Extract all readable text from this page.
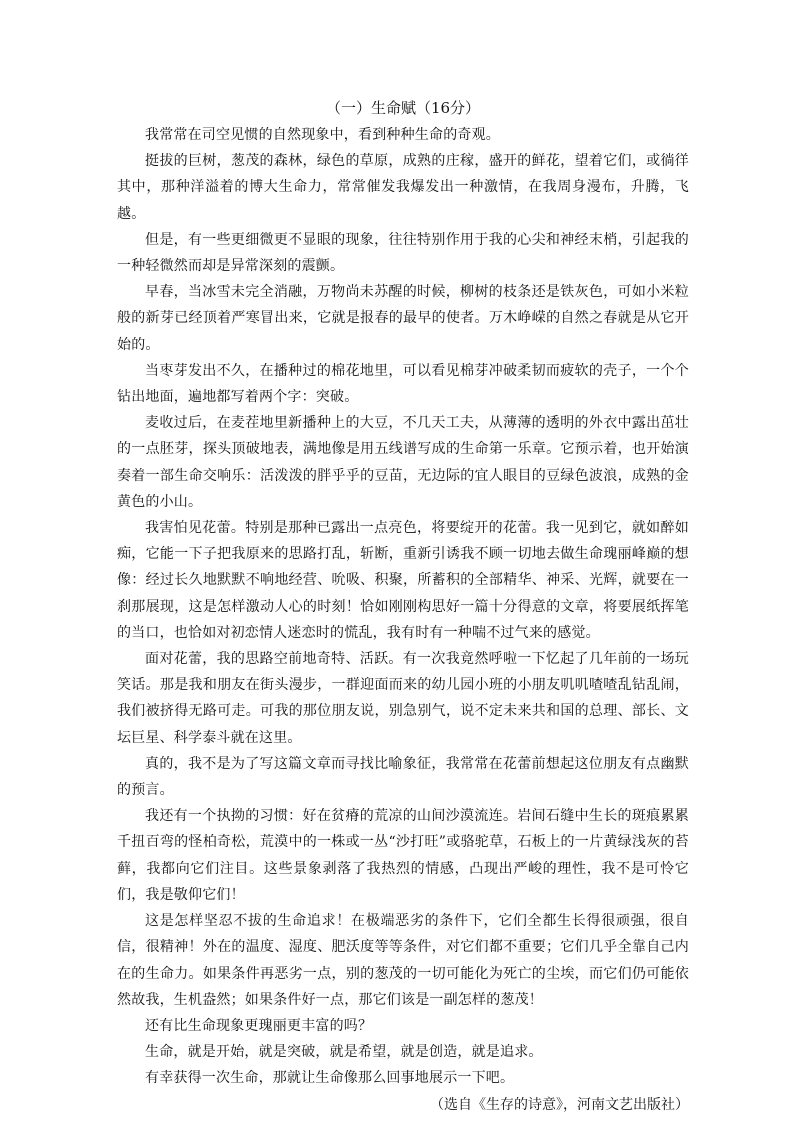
（一）生命赋（16分）

我常常在司空见惯的自然现象中，看到种种生命的奇观。

挺拔的巨树，葱茂的森林，绿色的草原，成熟的庄稼，盛开的鲜花，望着它们，或徜徉其中，那种洋溢着的博大生命力，常常催发我爆发出一种激情，在我周身漫布，升腾，飞越。

但是，有一些更细微更不显眼的现象，往往特别作用于我的心尖和神经末梢，引起我的一种轻微然而却是异常深刻的震颤。

早春，当冰雪未完全消融，万物尚未苏醒的时候，柳树的枝条还是铁灰色，可如小米粒般的新芽已经顶着严寒冒出来，它就是报春的最早的使者。万木峥嵘的自然之春就是从它开始的。

当枣芽发出不久，在播种过的棉花地里，可以看见棉芽冲破柔韧而疲软的壳子，一个个钻出地面，遍地都写着两个字：突破。

麦收过后，在麦茬地里新播种上的大豆，不几天工夫，从薄薄的透明的外衣中露出茁壮的一点胚芽，探头顶破地表，满地像是用五线谱写成的生命第一乐章。它预示着，也开始演奏着一部生命交响乐：活泼泼的胖乎乎的豆苗，无边际的宜人眼目的豆绿色波浪，成熟的金黄色的小山。

我害怕见花蕾。特别是那种已露出一点亮色，将要绽开的花蕾。我一见到它，就如醉如痴，它能一下子把我原来的思路打乱，斩断，重新引诱我不顾一切地去做生命瑰丽峰巅的想像：经过长久地默默不响地经营、吮吸、积聚，所蓄积的全部精华、神采、光辉，就要在一刹那展现，这是怎样激动人心的时刻！恰如刚刚构思好一篇十分得意的文章，将要展纸挥笔的当口，也恰如对初恋情人迷恋时的慌乱，我有时有一种喘不过气来的感觉。

面对花蕾，我的思路空前地奇特、活跃。有一次我竟然呼啦一下忆起了几年前的一场玩笑话。那是我和朋友在街头漫步，一群迎面而来的幼儿园小班的小朋友叽叽喳喳乱钻乱闹，我们被挤得无路可走。可我的那位朋友说，别急别气，说不定未来共和国的总理、部长、文坛巨星、科学泰斗就在这里。

真的，我不是为了写这篇文章而寻找比喻象征，我常常在花蕾前想起这位朋友有点幽默的预言。

我还有一个执拗的习惯：好在贫瘠的荒凉的山间沙漠流连。岩间石缝中生长的斑痕累累千扭百弯的怪柏奇松，荒漠中的一株或一丛“沙打旺”或骆驼草，石板上的一片黄绿浅灰的苔藓，我都向它们注目。这些景象剥落了我热烈的情感，凸现出严峻的理性，我不是可怜它们，我是敬仰它们！

这是怎样坚忍不拔的生命追求！在极端恶劣的条件下，它们全都生长得很顽强，很自信，很精神！外在的温度、湿度、肥沃度等等条件，对它们都不重要；它们几乎全靠自己内在的生命力。如果条件再恶劣一点，别的葱茂的一切可能化为死亡的尘埃，而它们仍可能依然故我，生机盎然；如果条件好一点，那它们该是一副怎样的葱茂！

还有比生命现象更瑰丽更丰富的吗？

生命，就是开始，就是突破，就是希望，就是创造，就是追求。

有幸获得一次生命，那就让生命像那么回事地展示一下吧。

（选自《生存的诗意》，河南文艺出版社）
